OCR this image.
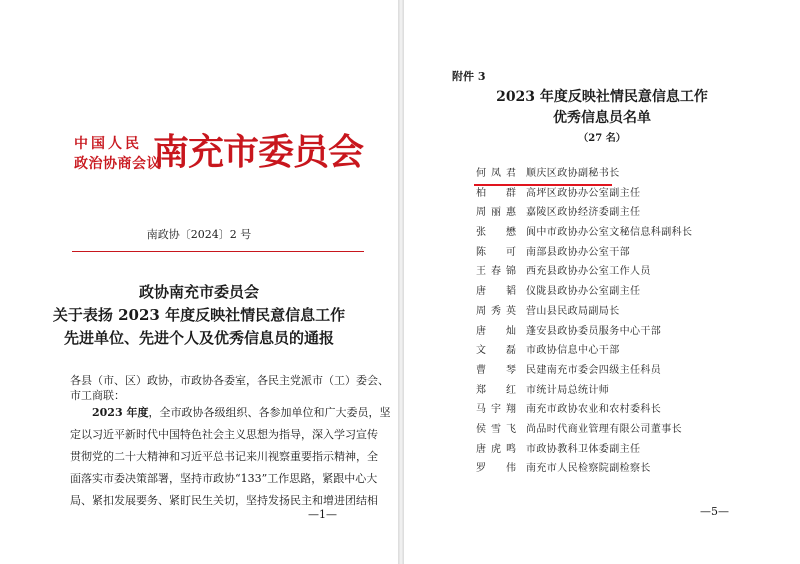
中国人民
政治协商会议
南充市委员会
南政协〔2024〕2 号
政协南充市委员会
关于表扬 2023 年度反映社情民意信息工作
先进单位、先进个人及优秀信息员的通报
各县（市、区）政协，市政协各委室，各民主党派市（工）委会、
市工商联：
2023 年度，全市政协各级组织、各参加单位和广大委员，坚
定以习近平新时代中国特色社会主义思想为指导，深入学习宣传
贯彻党的二十大精神和习近平总书记来川视察重要指示精神，全
面落实市委决策部署，坚持市政协“133”工作思路，紧跟中心大
局、紧扣发展要务、紧盯民生关切，坚持发扬民主和增进团结相
—1—
附件 3
2023 年度反映社情民意信息工作
优秀信息员名单
（27 名）
何凤君 顺庆区政协副秘书长
柏群 高坪区政协办公室副主任
周丽惠 嘉陵区政协经济委副主任
张懋 阆中市政协办公室文秘信息科副科长
陈可 南部县政协办公室干部
王春锦 西充县政协办公室工作人员
唐韬 仪陇县政协办公室副主任
周秀英 营山县民政局副局长
唐灿 蓬安县政协委员服务中心干部
文磊 市政协信息中心干部
曹琴 民建南充市委会四级主任科员
郑红 市统计局总统计师
马宇翔 南充市政协农业和农村委科长
侯雪飞 尚品时代商业管理有限公司董事长
唐虎鸣 市政协教科卫体委副主任
罗伟 南充市人民检察院副检察长
—5—
